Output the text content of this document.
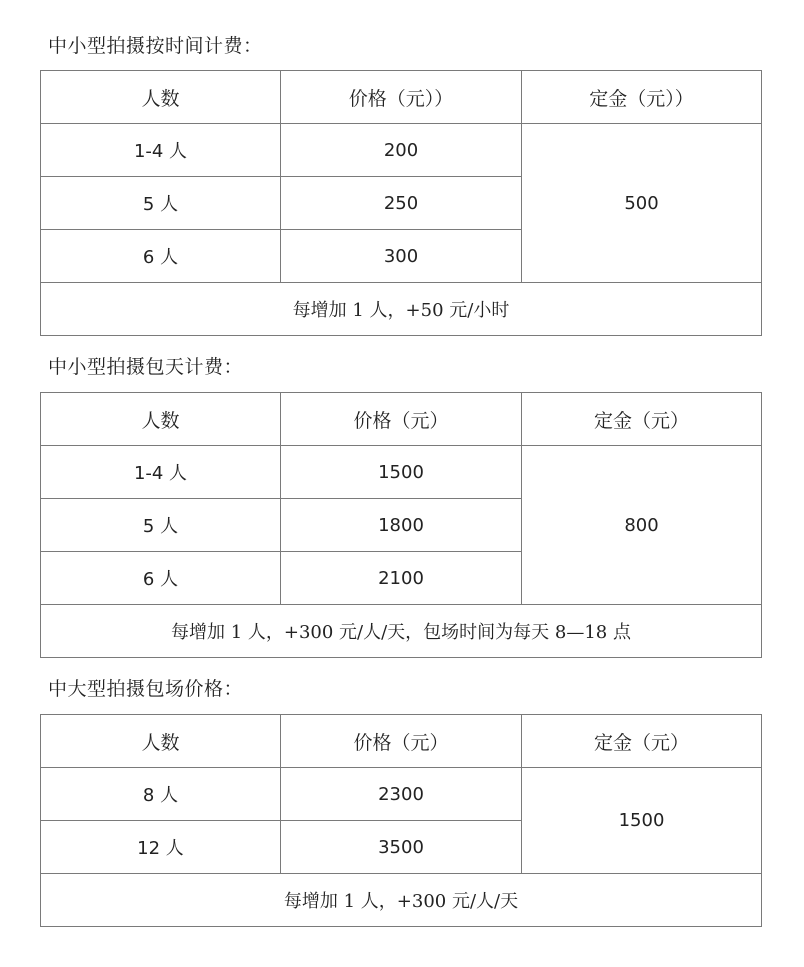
中小型拍摄按时间计费：
人数	价格（元））	定金（元））
1-4 人	200	500
5 人	250	
6 人	300	
每增加 1 人，+50 元/小时		
中小型拍摄包天计费：
人数	价格（元）	定金（元）
1-4 人	1500	800
5 人	1800	
6 人	2100	
每增加 1 人，+300 元/人/天，包场时间为每天 8—18 点		
中大型拍摄包场价格：
人数	价格（元）	定金（元）
8 人	2300	1500
12 人	3500	
每增加 1 人，+300 元/人/天		
